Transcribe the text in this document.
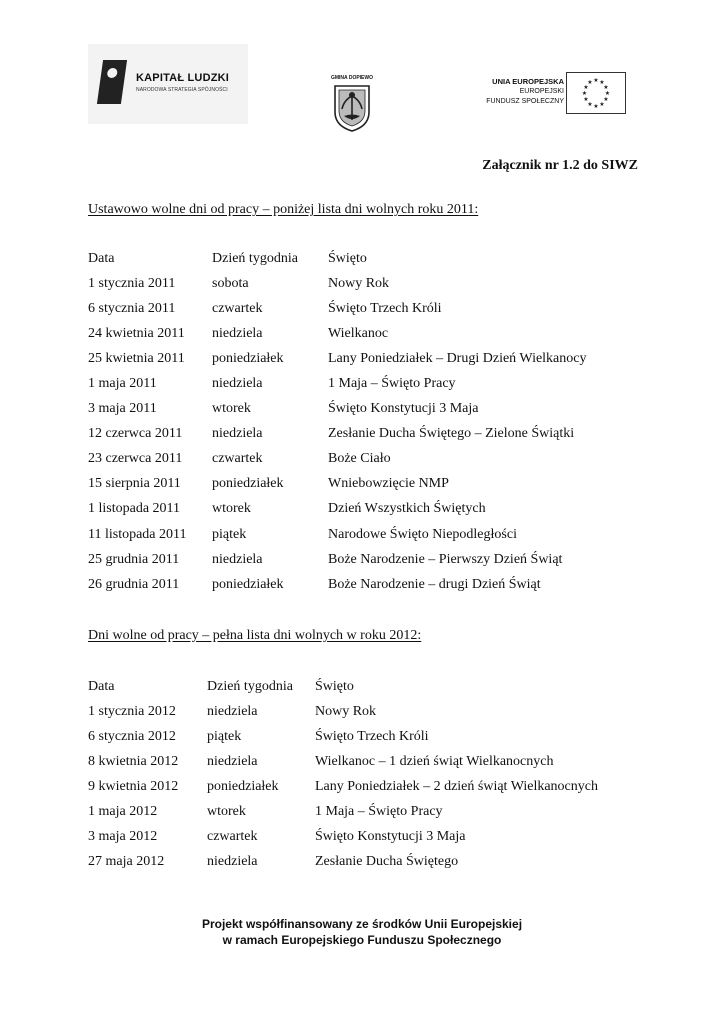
KAPITAŁ LUDZKI
NARODOWA STRATEGIA SPÓJNOŚCI
GMINA DOPIEWO	UNIA EUROPEJSKA
EUROPEJSKI
FUNDUSZ SPOŁECZNY
★ ★
★
★
★
★
★
★
★
★
★
★
Załącznik nr 1.2 do SIWZ
Ustawowo wolne dni od pracy – poniżej lista dni wolnych roku 2011:
Data	Dzień tygodnia	Święto
1 stycznia 2011	sobota	Nowy Rok
6 stycznia 2011	czwartek	Święto Trzech Króli
24 kwietnia 2011	niedziela	Wielkanoc
25 kwietnia 2011	poniedziałek	Lany Poniedziałek – Drugi Dzień Wielkanocy
1 maja 2011	niedziela	1 Maja – Święto Pracy
3 maja 2011	wtorek	Święto Konstytucji 3 Maja
12 czerwca 2011	niedziela	Zesłanie Ducha Świętego – Zielone Świątki
23 czerwca 2011	czwartek	Boże Ciało
15 sierpnia 2011	poniedziałek	Wniebowzięcie NMP
1 listopada 2011	wtorek	Dzień Wszystkich Świętych
11 listopada 2011	piątek	Narodowe Święto Niepodległości
25 grudnia 2011	niedziela	Boże Narodzenie – Pierwszy Dzień Świąt
26 grudnia 2011	poniedziałek	Boże Narodzenie – drugi Dzień Świąt
Dni wolne od pracy – pełna lista dni wolnych w roku 2012:
Data	Dzień tygodnia	Święto
1 stycznia 2012	niedziela	Nowy Rok
6 stycznia 2012	piątek	Święto Trzech Króli
8 kwietnia 2012	niedziela	Wielkanoc – 1 dzień świąt Wielkanocnych
9 kwietnia 2012	poniedziałek	Lany Poniedziałek – 2 dzień świąt Wielkanocnych
1 maja 2012	wtorek	1 Maja – Święto Pracy
3 maja 2012	czwartek	Święto Konstytucji 3 Maja
27 maja 2012	niedziela	Zesłanie Ducha Świętego
Projekt współfinansowany ze środków Unii Europejskiej
w ramach Europejskiego Funduszu Społecznego
